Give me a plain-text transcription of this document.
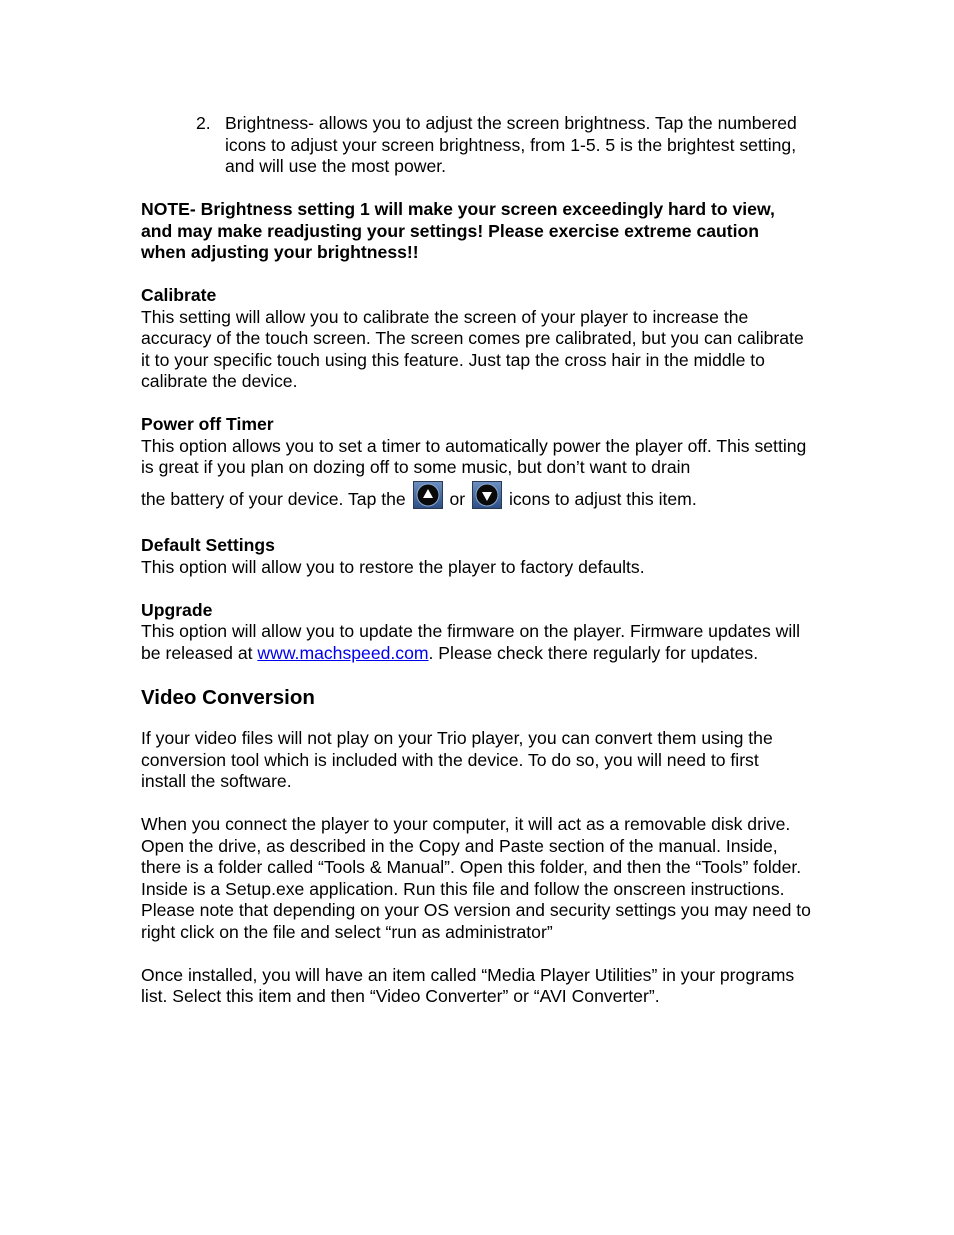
2. Brightness- allows you to adjust the screen brightness. Tap the numbered icons to adjust your screen brightness, from 1-5. 5 is the brightest setting, and will use the most power.

NOTE- Brightness setting 1 will make your screen exceedingly hard to view, and may make readjusting your settings! Please exercise extreme caution when adjusting your brightness!!

Calibrate

This setting will allow you to calibrate the screen of your player to increase the accuracy of the touch screen. The screen comes pre calibrated, but you can calibrate it to your specific touch using this feature. Just tap the cross hair in the middle to calibrate the device.

Power off Timer

This option allows you to set a timer to automatically power the player off. This setting is great if you plan on dozing off to some music, but don’t want to drain

the battery of your device. Tap the or icons to adjust this item.

Default Settings

This option will allow you to restore the player to factory defaults.

Upgrade

This option will allow you to update the firmware on the player. Firmware updates will be released at www.machspeed.com. Please check there regularly for updates.

Video Conversion

If your video files will not play on your Trio player, you can convert them using the conversion tool which is included with the device. To do so, you will need to first install the software.

When you connect the player to your computer, it will act as a removable disk drive. Open the drive, as described in the Copy and Paste section of the manual. Inside, there is a folder called “Tools & Manual”. Open this folder, and then the “Tools” folder. Inside is a Setup.exe application. Run this file and follow the onscreen instructions. Please note that depending on your OS version and security settings you may need to right click on the file and select “run as administrator”

Once installed, you will have an item called “Media Player Utilities” in your programs list. Select this item and then “Video Converter” or “AVI Converter”.
